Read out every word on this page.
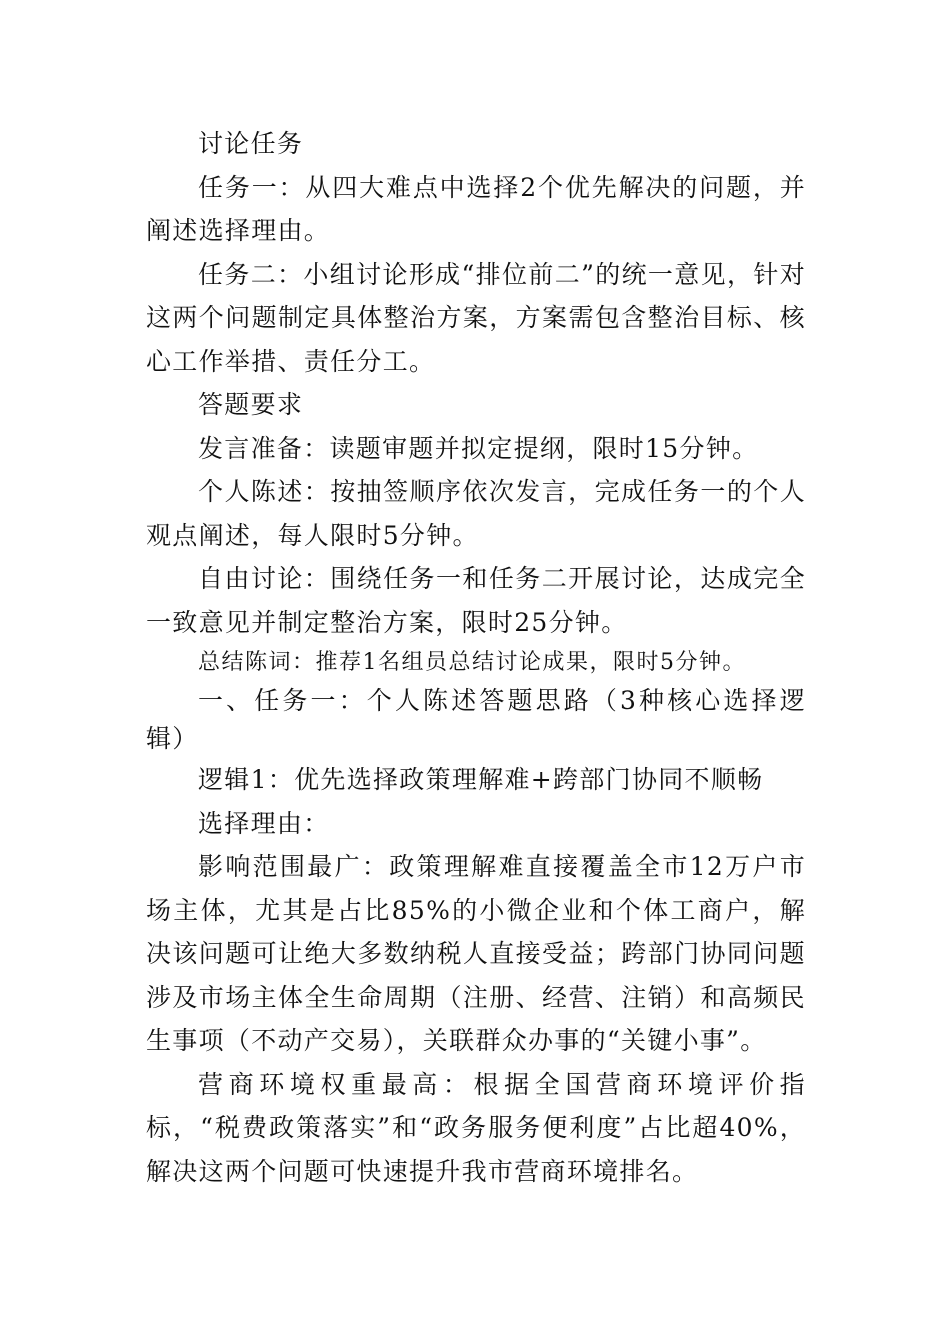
讨论任务

任务一：从四大难点中选择2个优先解决的问题，并阐述选择理由。

任务二：小组讨论形成“排位前二”的统一意见，针对这两个问题制定具体整治方案，方案需包含整治目标、核心工作举措、责任分工。

答题要求

发言准备：读题审题并拟定提纲，限时15分钟。

个人陈述：按抽签顺序依次发言，完成任务一的个人观点阐述，每人限时5分钟。

自由讨论：围绕任务一和任务二开展讨论，达成完全一致意见并制定整治方案，限时25分钟。

总结陈词：推荐1名组员总结讨论成果，限时5分钟。

一、任务一：个人陈述答题思路（3种核心选择逻辑）

逻辑1：优先选择政策理解难+跨部门协同不顺畅

选择理由：

影响范围最广：政策理解难直接覆盖全市12万户市场主体，尤其是占比85%的小微企业和个体工商户，解决该问题可让绝大多数纳税人直接受益；跨部门协同问题涉及市场主体全生命周期（注册、经营、注销）和高频民生事项（不动产交易），关联群众办事的“关键小事”。

营商环境权重最高：根据全国营商环境评价指标，“税费政策落实”和“政务服务便利度”占比超40%，解决这两个问题可快速提升我市营商环境排名。
